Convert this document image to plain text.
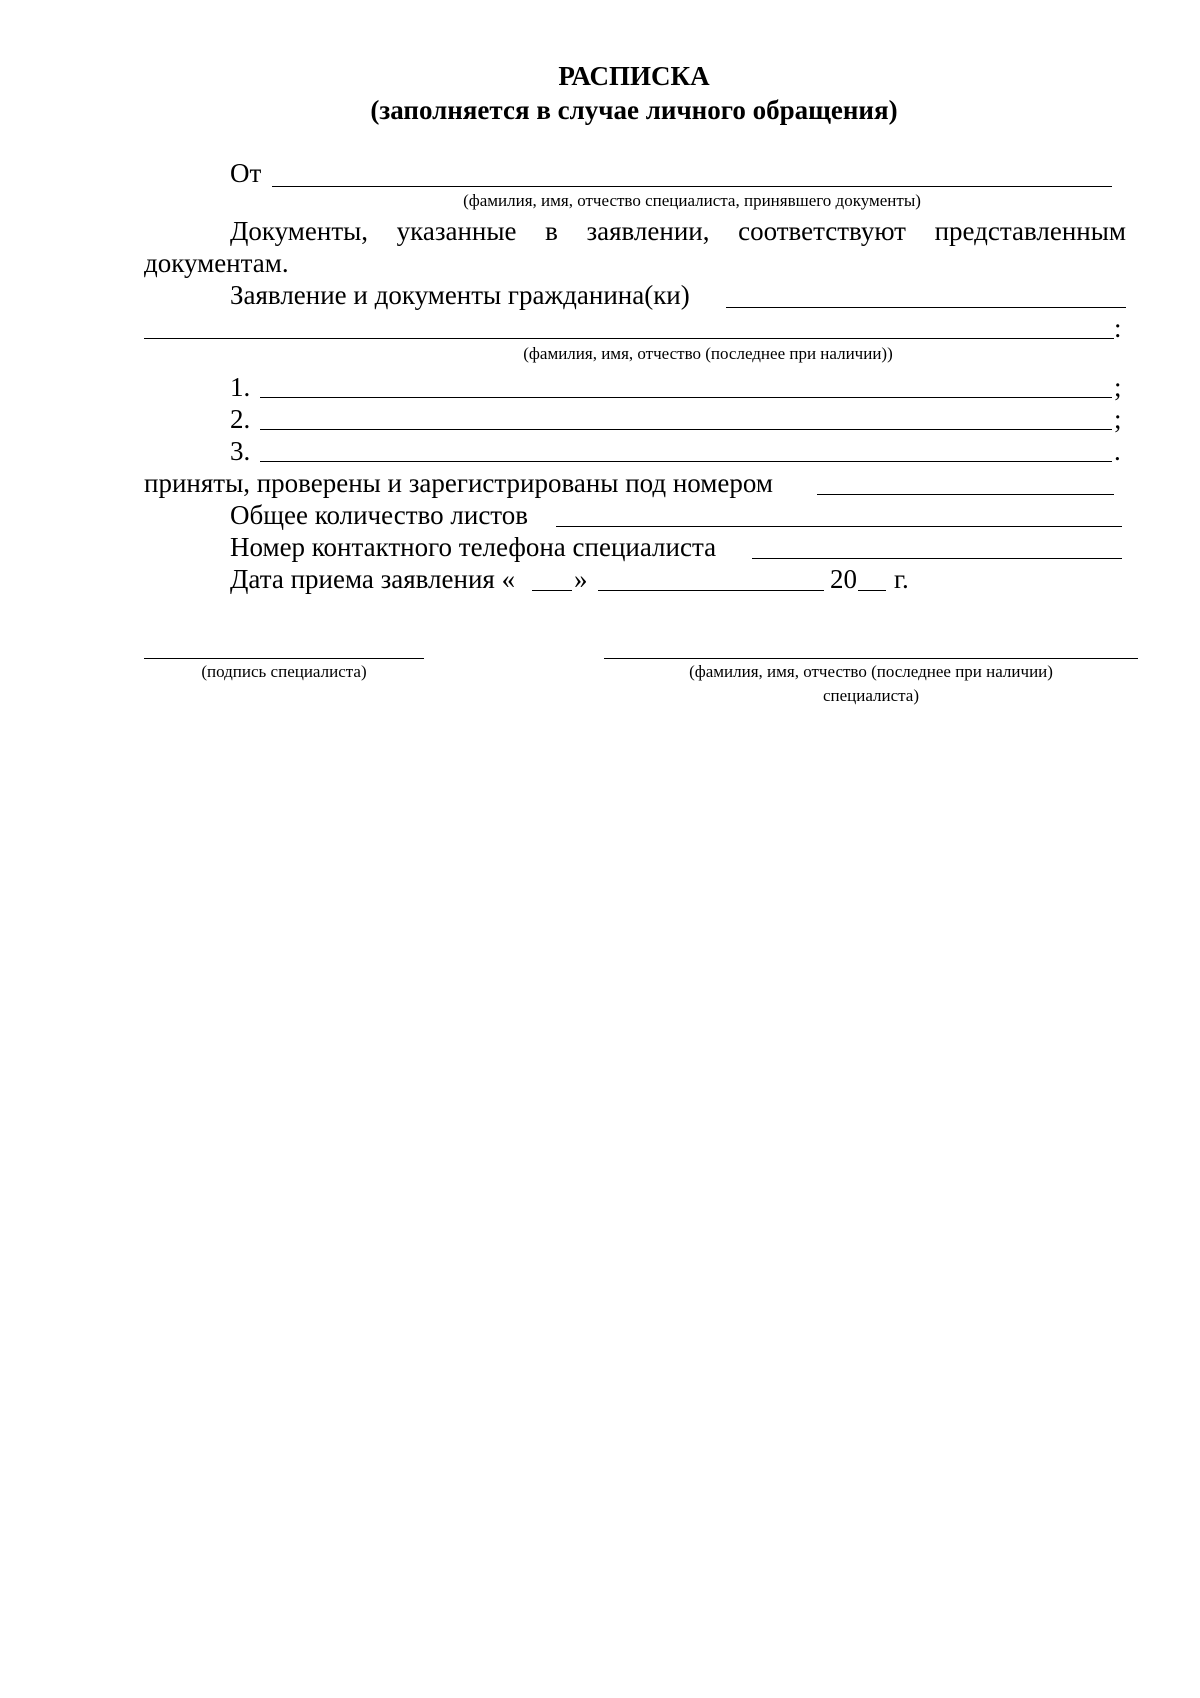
РАСПИСКА
(заполняется в случае личного обращения)
От
(фамилия, имя, отчество специалиста, принявшего документы)
Документы, указанные в заявлении, соответствуют представленным
документам.
Заявление и документы гражданина(ки)
:
(фамилия, имя, отчество (последнее при наличии))
1.	;
2.	;
3.	.
приняты, проверены и зарегистрированы под номером
Общее количество листов
Номер контактного телефона специалиста
Дата приема заявления « »	20 г.
(подпись специалиста)	(фамилия, имя, отчество (последнее при наличии)
специалиста)
